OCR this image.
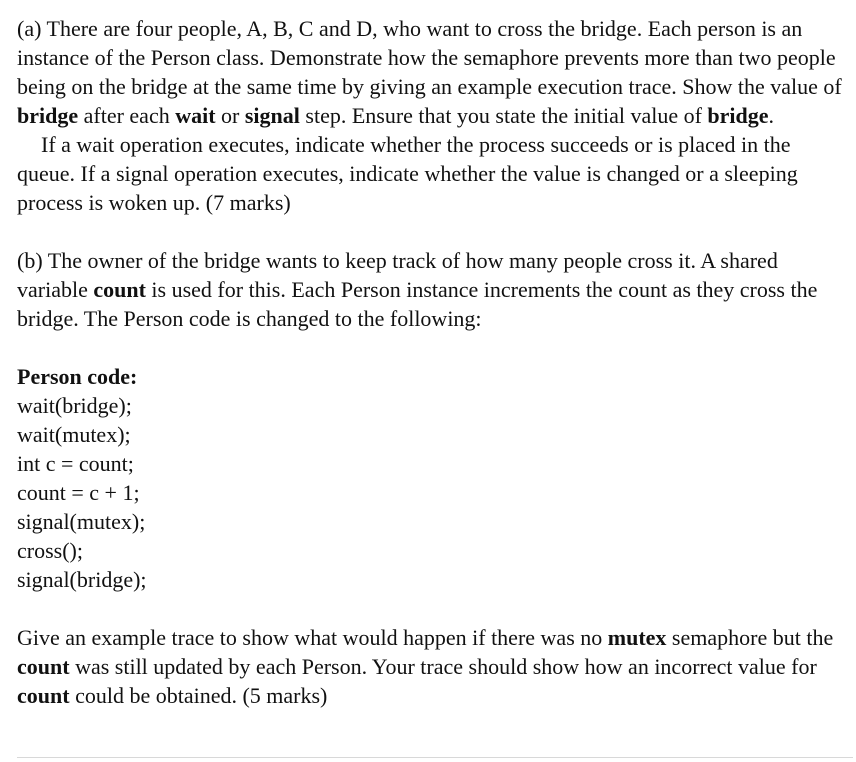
(a) There are four people, A, B, C and D, who want to cross the bridge. Each person is an instance of the Person class. Demonstrate how the semaphore prevents more than two people being on the bridge at the same time by giving an example execution trace. Show the value of bridge after each wait or signal step. Ensure that you state the initial value of bridge.

If a wait operation executes, indicate whether the process succeeds or is placed in the queue. If a signal operation executes, indicate whether the value is changed or a sleeping process is woken up. (7 marks)

(b) The owner of the bridge wants to keep track of how many people cross it. A shared variable count is used for this. Each Person instance increments the count as they cross the bridge. The Person code is changed to the following:

Person code:

wait(bridge);

wait(mutex);

int c = count;

count = c + 1;

signal(mutex);

cross();

signal(bridge);

Give an example trace to show what would happen if there was no mutex semaphore but the count was still updated by each Person. Your trace should show how an incorrect value for count could be obtained. (5 marks)
